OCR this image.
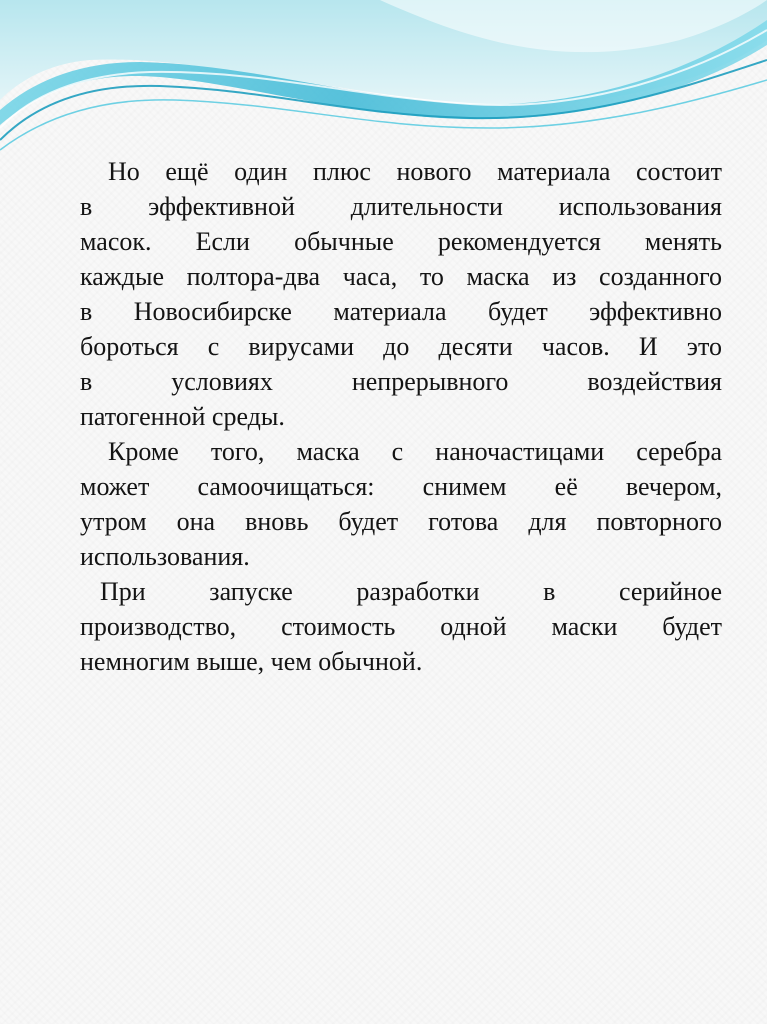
Но ещё один плюс нового материала состоит
в эффективной длительности использования
масок. Если обычные рекомендуется менять
каждые полтора-два часа, то маска из созданного
в Новосибирске материала будет эффективно
бороться с вирусами до десяти часов. И это
в условиях непрерывного воздействия
патогенной среды.
Кроме того, маска с наночастицами серебра
может самоочищаться: снимем её вечером,
утром она вновь будет готова для повторного
использования.
При запуске разработки в серийное
производство, стоимость одной маски будет
немногим выше, чем обычной.
